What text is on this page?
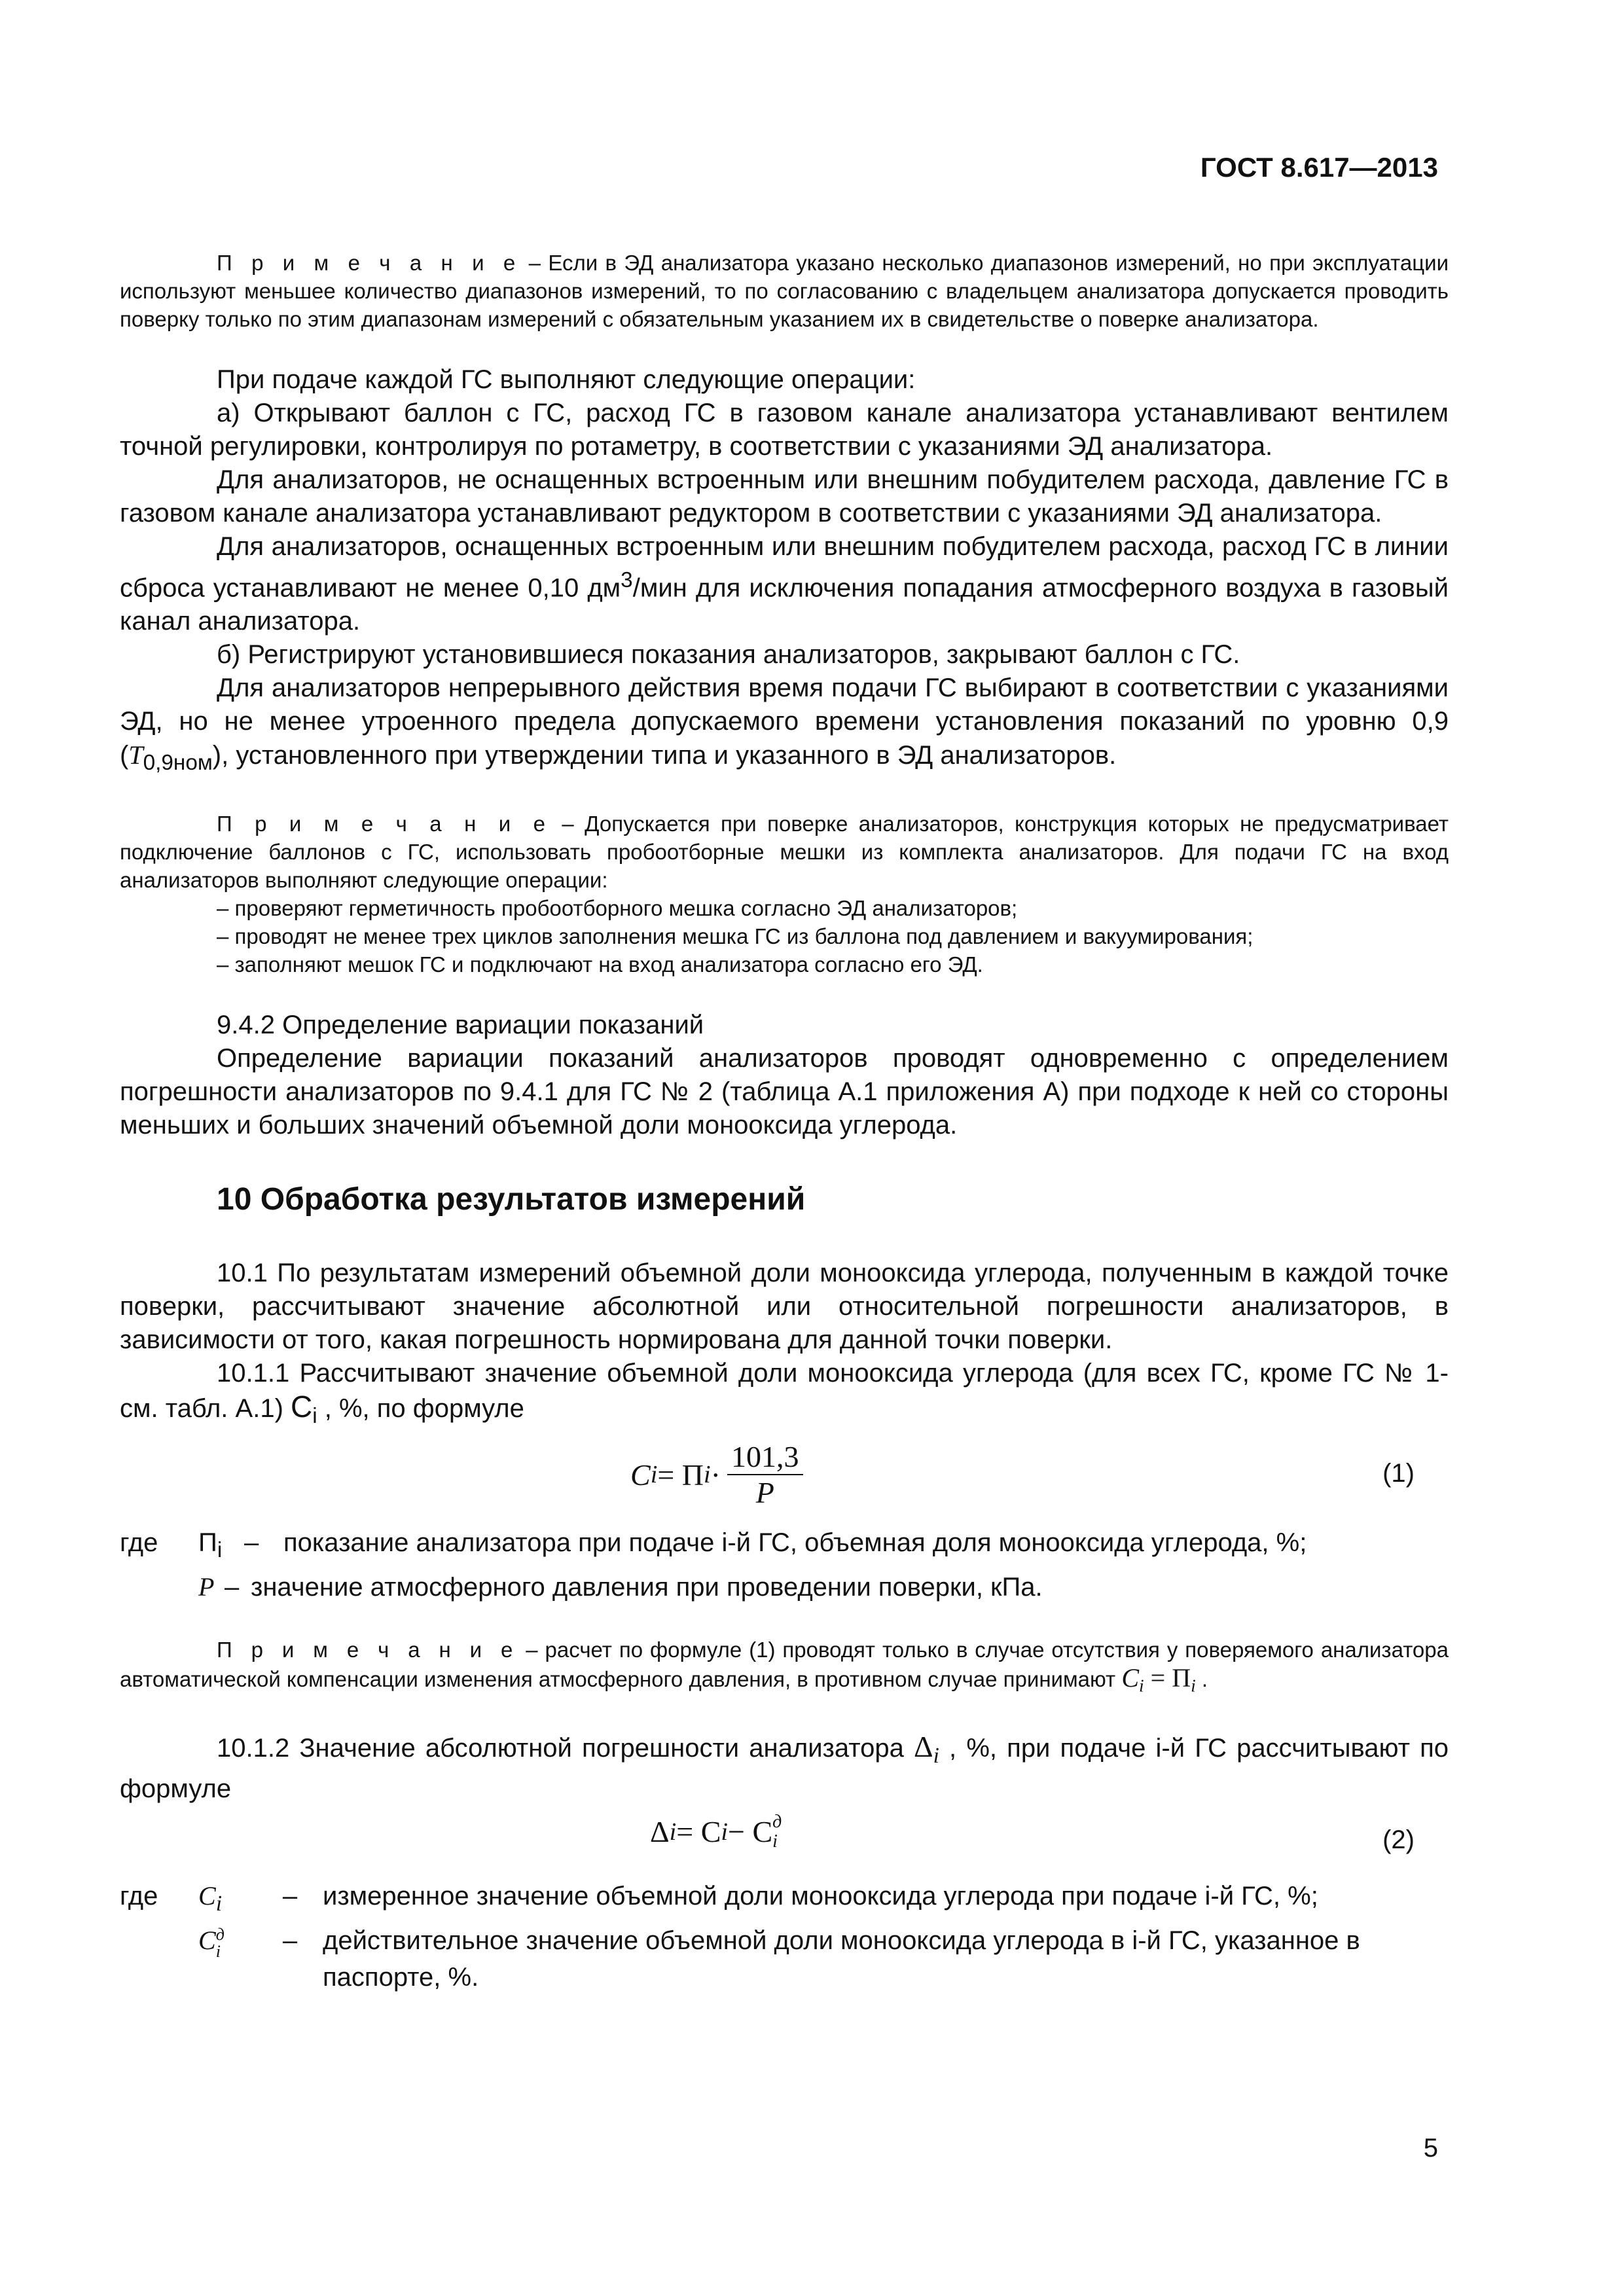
ГОСТ 8.617—2013

П р и м е ч а н и е – Если в ЭД анализатора указано несколько диапазонов измерений, но при эксплуатации используют меньшее количество диапазонов измерений, то по согласованию с владельцем анализатора допускается проводить поверку только по этим диапазонам измерений с обязательным указанием их в свидетельстве о поверке анализатора.

При подаче каждой ГС выполняют следующие операции:

а) Открывают баллон с ГС, расход ГС в газовом канале анализатора устанавливают вентилем точной регулировки, контролируя по ротаметру, в соответствии с указаниями ЭД анализатора.

Для анализаторов, не оснащенных встроенным или внешним побудителем расхода, давление ГС в газовом канале анализатора устанавливают редуктором в соответствии с указаниями ЭД анализатора.

Для анализаторов, оснащенных встроенным или внешним побудителем расхода, расход ГС в линии сброса устанавливают не менее 0,10 $дм^3$/мин для исключения попадания атмосферного воздуха в газовый канал анализатора.

б) Регистрируют установившиеся показания анализаторов, закрывают баллон с ГС.

Для анализаторов непрерывного действия время подачи ГС выбирают в соответствии с указаниями ЭД, но не менее утроенного предела допускаемого времени установления показаний по уровню 0,9 $(T_{0,9ном})$, установленного при утверждении типа и указанного в ЭД анализаторов.

П р и м е ч а н и е – Допускается при поверке анализаторов, конструкция которых не предусматривает подключение баллонов с ГС, использовать пробоотборные мешки из комплекта анализаторов. Для подачи ГС на вход анализаторов выполняют следующие операции:

– проверяют герметичность пробоотборного мешка согласно ЭД анализаторов;
– проводят не менее трех циклов заполнения мешка ГС из баллона под давлением и вакуумирования;
– заполняют мешок ГС и подключают на вход анализатора согласно его ЭД.

9.4.2 Определение вариации показаний

Определение вариации показаний анализаторов проводят одновременно с определением погрешности анализаторов по 9.4.1 для ГС № 2 (таблица А.1 приложения А) при подходе к ней со стороны меньших и больших значений объемной доли монооксида углерода.

10 Обработка результатов измерений

10.1 По результатам измерений объемной доли монооксида углерода, полученным в каждой точке поверки, рассчитывают значение абсолютной или относительной погрешности анализаторов, в зависимости от того, какая погрешность нормирована для данной точки поверки.

10.1.1 Рассчитывают значение объемной доли монооксида углерода (для всех ГС, кроме ГС № 1- см. табл. А.1) $C_i$ , %, по формуле

C i = Π $i \cdot \frac{101,3}{P}$	(1)
где	$\Pi_i$ – показание анализатора при подаче i-й ГС, объемная доля монооксида углерода, %;
P – значение атмосферного давления при проведении поверки, кПа.

П р и м е ч а н и е – расчет по формуле (1) проводят только в случае отсутствия у поверяемого анализатора автоматической компенсации изменения атмосферного давления, в противном случае принимают $C_i = \Pi_i$ .

10.1.2 Значение абсолютной погрешности анализатора $\Delta_i$ , %, при подаче i-й ГС рассчитывают по формуле

Δ i = C i − C д
i	(2)
где	$C_i$	– измеренное значение объемной доли монооксида углерода при подаче i-й ГС, %;
C д
i	– действительное значение объемной доли монооксида углерода в i-й ГС, указанное в паспорте, %.
5
